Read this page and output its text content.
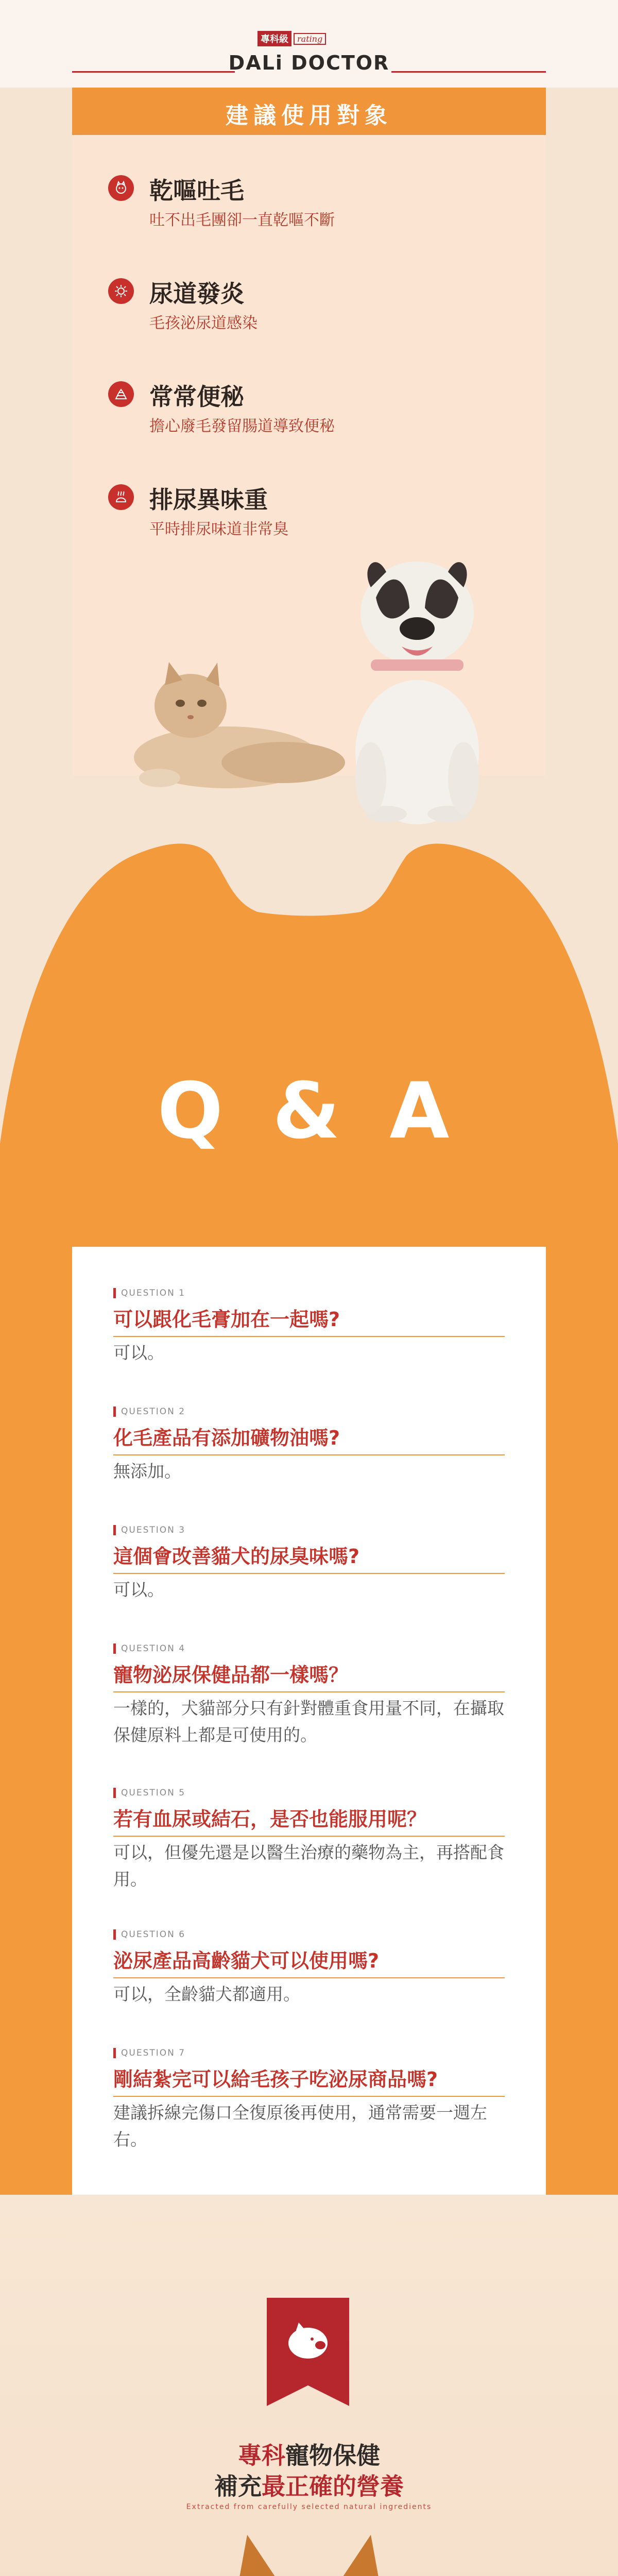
專科級	rating
DALi DOCTOR
建議使用對象
乾嘔吐毛
吐不出毛團卻一直乾嘔不斷
尿道發炎
毛孩泌尿道感染
常常便秘
擔心廢毛發留腸道導致便秘
排尿異味重
平時排尿味道非常臭
Q & A
QUESTION 1
可以跟化毛膏加在一起嗎?
可以。
QUESTION 2
化毛產品有添加礦物油嗎?
無添加。
QUESTION 3
這個會改善貓犬的尿臭味嗎?
可以。
QUESTION 4
寵物泌尿保健品都一樣嗎？
一樣的，犬貓部分只有針對體重食用量不同，在攝取保健原料上都是可使用的。
QUESTION 5
若有血尿或結石，是否也能服用呢？
可以，但優先還是以醫生治療的藥物為主，再搭配食用。
QUESTION 6
泌尿產品高齡貓犬可以使用嗎?
可以，全齡貓犬都適用。
QUESTION 7
剛結紮完可以給毛孩子吃泌尿商品嗎?
建議拆線完傷口全復原後再使用，通常需要一週左右。
專科寵物保健
補充最正確的營養
Extracted from carefully selected natural ingredients
